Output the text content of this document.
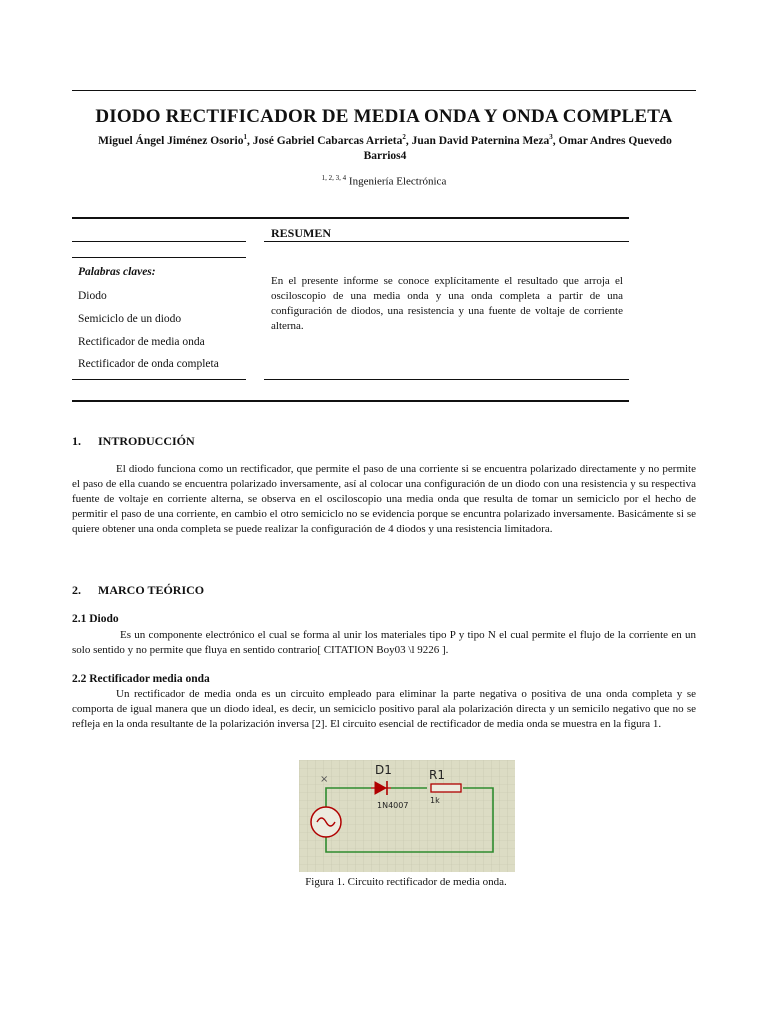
DIODO RECTIFICADOR DE MEDIA ONDA Y ONDA COMPLETA
Miguel Ángel Jiménez Osorio$^1$, José Gabriel Cabarcas Arrieta$^2$, Juan David Paternina Meza$^3$, Omar Andres Quevedo Barrios4
$^{1, 2, 3, 4}$ Ingeniería Electrónica
RESUMEN
En el presente informe se conoce explícitamente el resultado que arroja el osciloscopio de una media onda y una onda completa a partir de una configuración de diodos, una resistencia y una fuente de voltaje de corriente alterna.
Palabras claves:
Diodo
Semiciclo de un diodo
Rectificador de media onda
Rectificador de onda completa
1. INTRODUCCIÓN
El diodo funciona como un rectificador, que permite el paso de una corriente si se encuentra polarizado directamente y no permite el paso de ella cuando se encuentra polarizado inversamente, así al colocar una configuración de un diodo con una resistencia y su respectiva fuente de voltaje en corriente alterna, se observa en el osciloscopio una media onda que resulta de tomar un semiciclo por el hecho de permitir el paso de una corriente, en cambio el otro semiciclo no se evidencia porque se encuntra polarizado inversamente. Basicámente si se quiere obtener una onda completa se puede realizar la configuración de 4 diodos y una resistencia limitadora.
2. MARCO TEÓRICO
2.1 Diodo
Es un componente electrónico el cual se forma al unir los materiales tipo P y tipo N el cual permite el flujo de la corriente en un solo sentido y no permite que fluya en sentido contrario[ CITATION Boy03 \l 9226 ].
2.2 Rectificador media onda
Un rectificador de media onda es un circuito empleado para eliminar la parte negativa o positiva de una onda completa y se comporta de igual manera que un diodo ideal, es decir, un semiciclo positivo paral ala polarización directa y un semicilo negativo que no se refleja en la onda resultante de la polarización inversa [2]. El circuito esencial de rectificador de media onda se muestra en la figura 1.
×
D1
1N4007
R1
1k
Figura 1. Circuito rectificador de media onda.
